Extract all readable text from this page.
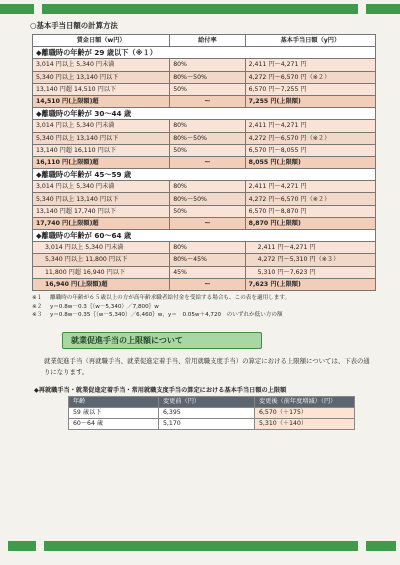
○基本手当日額の計算方法
賃金日額（w円）	給付率	基本手当日額（y円）
◆離職時の年齢が 29 歳以下（※１）		
3,014 円以上 5,340 円未満	80%	2,411 円〜4,271 円
5,340 円以上 13,140 円以下	80%〜50%	4,272 円〜6,570 円（※２）
13,140 円超 14,510 円以下	50%	6,570 円〜7,255 円
14,510 円(上限額)超	ー	7,255 円(上限額)
◆離職時の年齢が 30〜44 歳		
3,014 円以上 5,340 円未満	80%	2,411 円〜4,271 円
5,340 円以上 13,140 円以下	80%〜50%	4,272 円〜6,570 円（※２）
13,140 円超 16,110 円以下	50%	6,570 円〜8,055 円
16,110 円(上限額)超	ー	8,055 円(上限額)
◆離職時の年齢が 45〜59 歳		
3,014 円以上 5,340 円未満	80%	2,411 円〜4,271 円
5,340 円以上 13,140 円以下	80%〜50%	4,272 円〜6,570 円（※２）
13,140 円超 17,740 円以下	50%	6,570 円〜8,870 円
17,740 円(上限額)超	ー	8,870 円(上限額)
◆離職時の年齢が 60〜64 歳		
3,014 円以上 5,340 円未満	80%	2,411 円〜4,271 円
5,340 円以上 11,800 円以下	80%〜45%	4,272 円〜5,310 円（※３）
11,800 円超 16,940 円以下	45%	5,310 円〜7,623 円
16,940 円(上限額)超	ー	7,623 円(上限額)
※１ 離職時の年齢が６５歳以上の方が高年齢求職者給付金を受給する場合も、この表を適用します。
※２ y＝0.8w－0.3｛（w－5,340）／7,800｝w
※３ y＝0.8w－0.35｛（w－5,340）／6,460｝w，y＝　0.05w＋4,720　のいずれか低い方の額
就業促進手当の上限額について
就業促進手当（再就職手当、就業促進定着手当、常用就職支度手当）の算定における上限額については、下表の通りになります。
◆再就職手当・就業促進定着手当・常用就職支度手当の算定における基本手当日額の上限額
年齢	変更前（円）	変更後（前年度増減）（円）
59 歳以下	6,395	6,570（＋175）
60〜64 歳	5,170	5,310（＋140）
